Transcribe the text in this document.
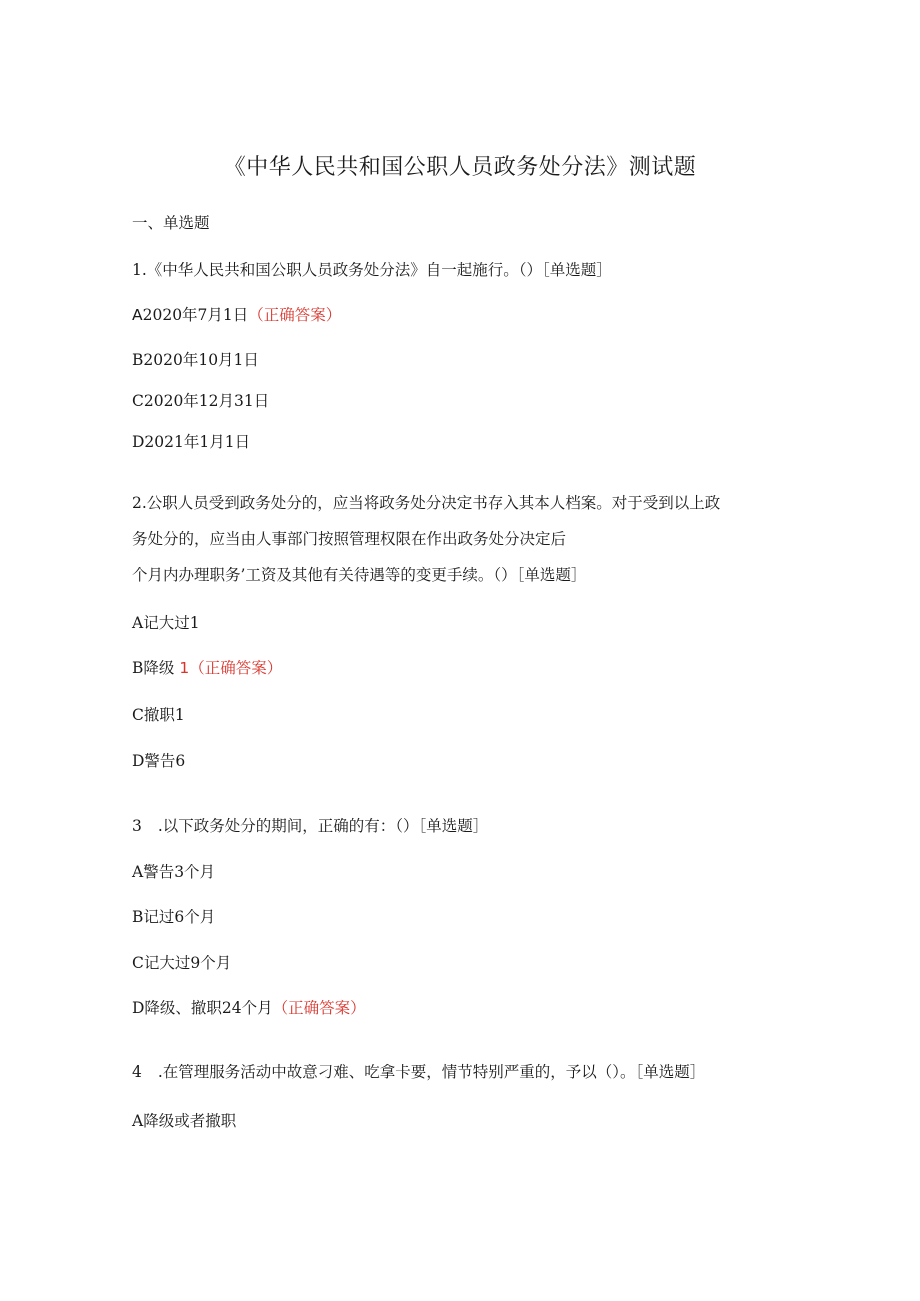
《中华人民共和国公职人员政务处分法》测试题
一、单选题
1.《中华人民共和国公职人员政务处分法》自一起施行。（）［单选题］
A2020年7月1日（正确答案）
B2020年10月1日
C2020年12月31日
D2021年1月1日
2.公职人员受到政务处分的，应当将政务处分决定书存入其本人档案。对于受到以上政
务处分的，应当由人事部门按照管理权限在作出政务处分决定后
个月内办理职务’工资及其他有关待遇等的变更手续。（）［单选题］
A记大过1
B降级 1（正确答案）
C撤职1
D警告6
3 .以下政务处分的期间，正确的有：（）［单选题］
A警告3个月
B记过6个月
C记大过9个月
D降级、撤职24个月（正确答案）
4 .在管理服务活动中故意刁难、吃拿卡要，情节特别严重的，予以（）。［单选题］
A降级或者撤职
